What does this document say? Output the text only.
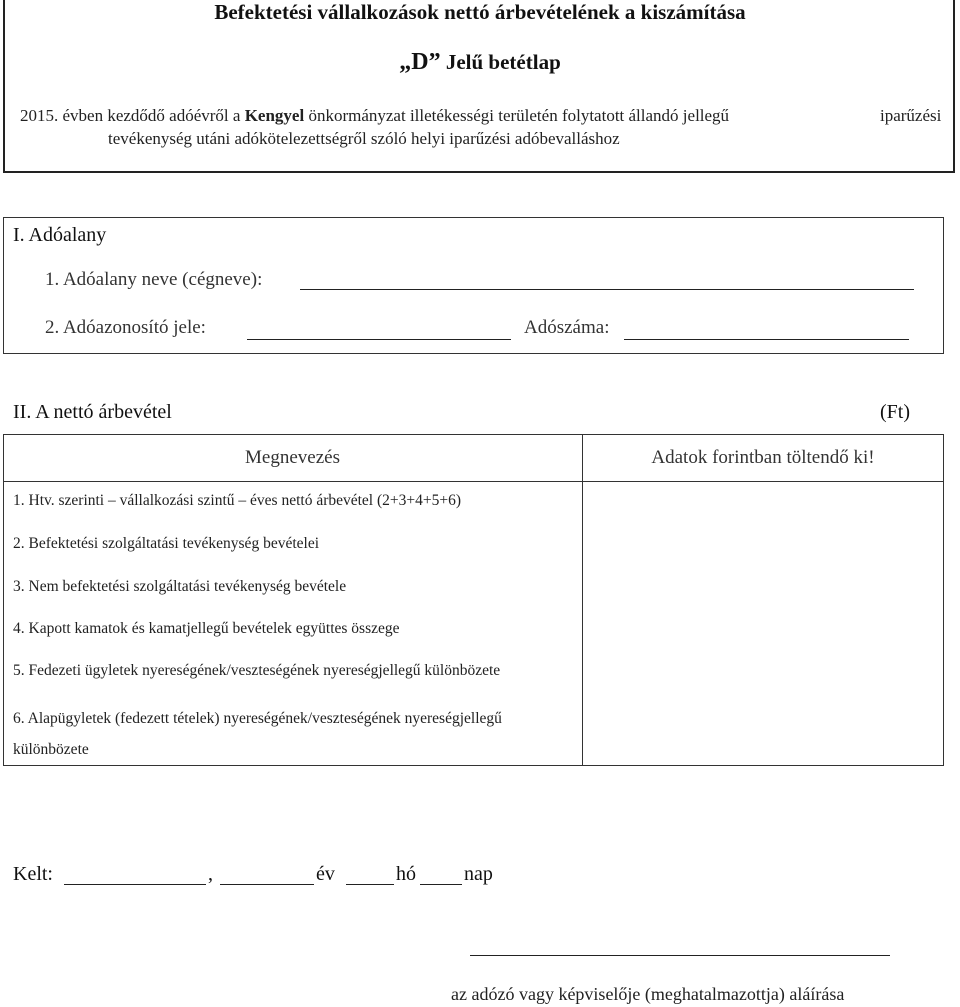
Befektetési vállalkozások nettó árbevételének a kiszámítása
„D” Jelű betétlap
2015. évben kezdődő adóévről a Kengyel önkormányzat illetékességi területén folytatott állandó jellegű	iparűzési
tevékenység utáni adókötelezettségről szóló helyi iparűzési adóbevalláshoz
I. Adóalany
1. Adóalany neve (cégneve):
2. Adóazonosító jele:	Adószáma:
II. A nettó árbevétel	(Ft)
Megnevezés	Adatok forintban töltendő ki!
1. Htv. szerinti – vállalkozási szintű – éves nettó árbevétel (2+3+4+5+6)
2. Befektetési szolgáltatási tevékenység bevételei
3. Nem befektetési szolgáltatási tevékenység bevétele
4. Kapott kamatok és kamatjellegű bevételek együttes összege
5. Fedezeti ügyletek nyereségének/veszteségének nyereségjellegű különbözete
6. Alapügyletek (fedezett tételek) nyereségének/veszteségének nyereségjellegű különbözete
Kelt:	,	év	hó nap
az adózó vagy képviselője (meghatalmazottja) aláírása
